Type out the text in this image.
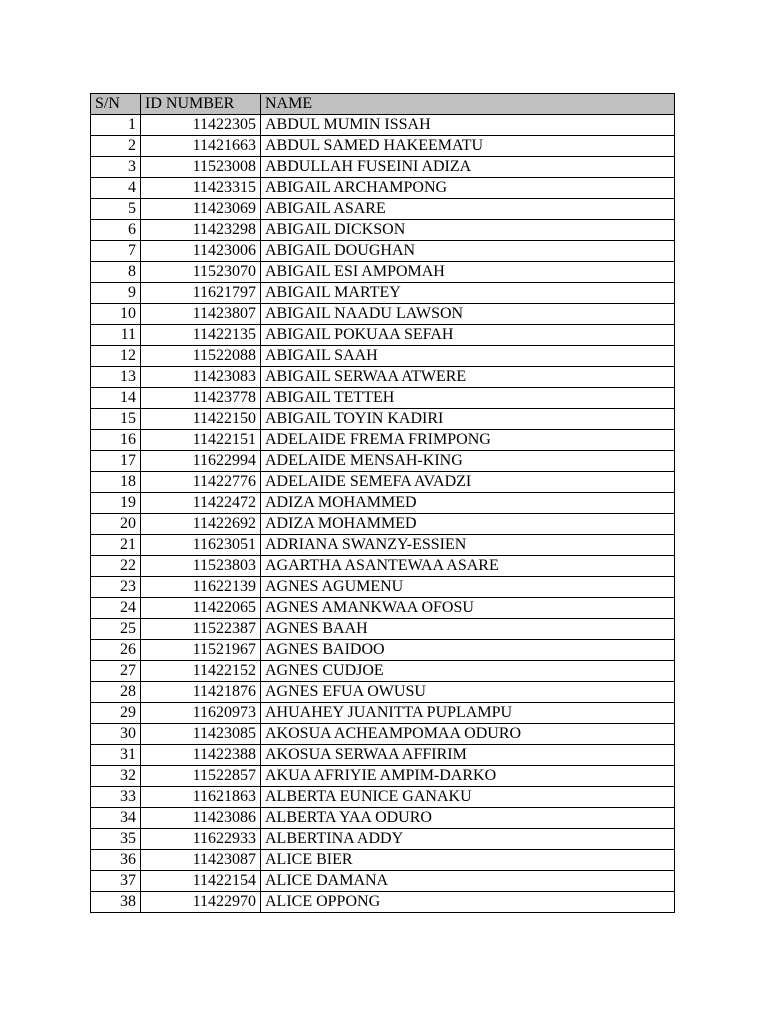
S/N	ID NUMBER	NAME
1	11422305	ABDUL MUMIN ISSAH
2	11421663	ABDUL SAMED HAKEEMATU
3	11523008	ABDULLAH FUSEINI ADIZA
4	11423315	ABIGAIL ARCHAMPONG
5	11423069	ABIGAIL ASARE
6	11423298	ABIGAIL DICKSON
7	11423006	ABIGAIL DOUGHAN
8	11523070	ABIGAIL ESI AMPOMAH
9	11621797	ABIGAIL MARTEY
10	11423807	ABIGAIL NAADU LAWSON
11	11422135	ABIGAIL POKUAA SEFAH
12	11522088	ABIGAIL SAAH
13	11423083	ABIGAIL SERWAA ATWERE
14	11423778	ABIGAIL TETTEH
15	11422150	ABIGAIL TOYIN KADIRI
16	11422151	ADELAIDE FREMA FRIMPONG
17	11622994	ADELAIDE MENSAH-KING
18	11422776	ADELAIDE SEMEFA AVADZI
19	11422472	ADIZA MOHAMMED
20	11422692	ADIZA MOHAMMED
21	11623051	ADRIANA SWANZY-ESSIEN
22	11523803	AGARTHA ASANTEWAA ASARE
23	11622139	AGNES AGUMENU
24	11422065	AGNES AMANKWAA OFOSU
25	11522387	AGNES BAAH
26	11521967	AGNES BAIDOO
27	11422152	AGNES CUDJOE
28	11421876	AGNES EFUA OWUSU
29	11620973	AHUAHEY JUANITTA PUPLAMPU
30	11423085	AKOSUA ACHEAMPOMAA ODURO
31	11422388	AKOSUA SERWAA AFFIRIM
32	11522857	AKUA AFRIYIE AMPIM-DARKO
33	11621863	ALBERTA EUNICE GANAKU
34	11423086	ALBERTA YAA ODURO
35	11622933	ALBERTINA ADDY
36	11423087	ALICE BIER
37	11422154	ALICE DAMANA
38	11422970	ALICE OPPONG
